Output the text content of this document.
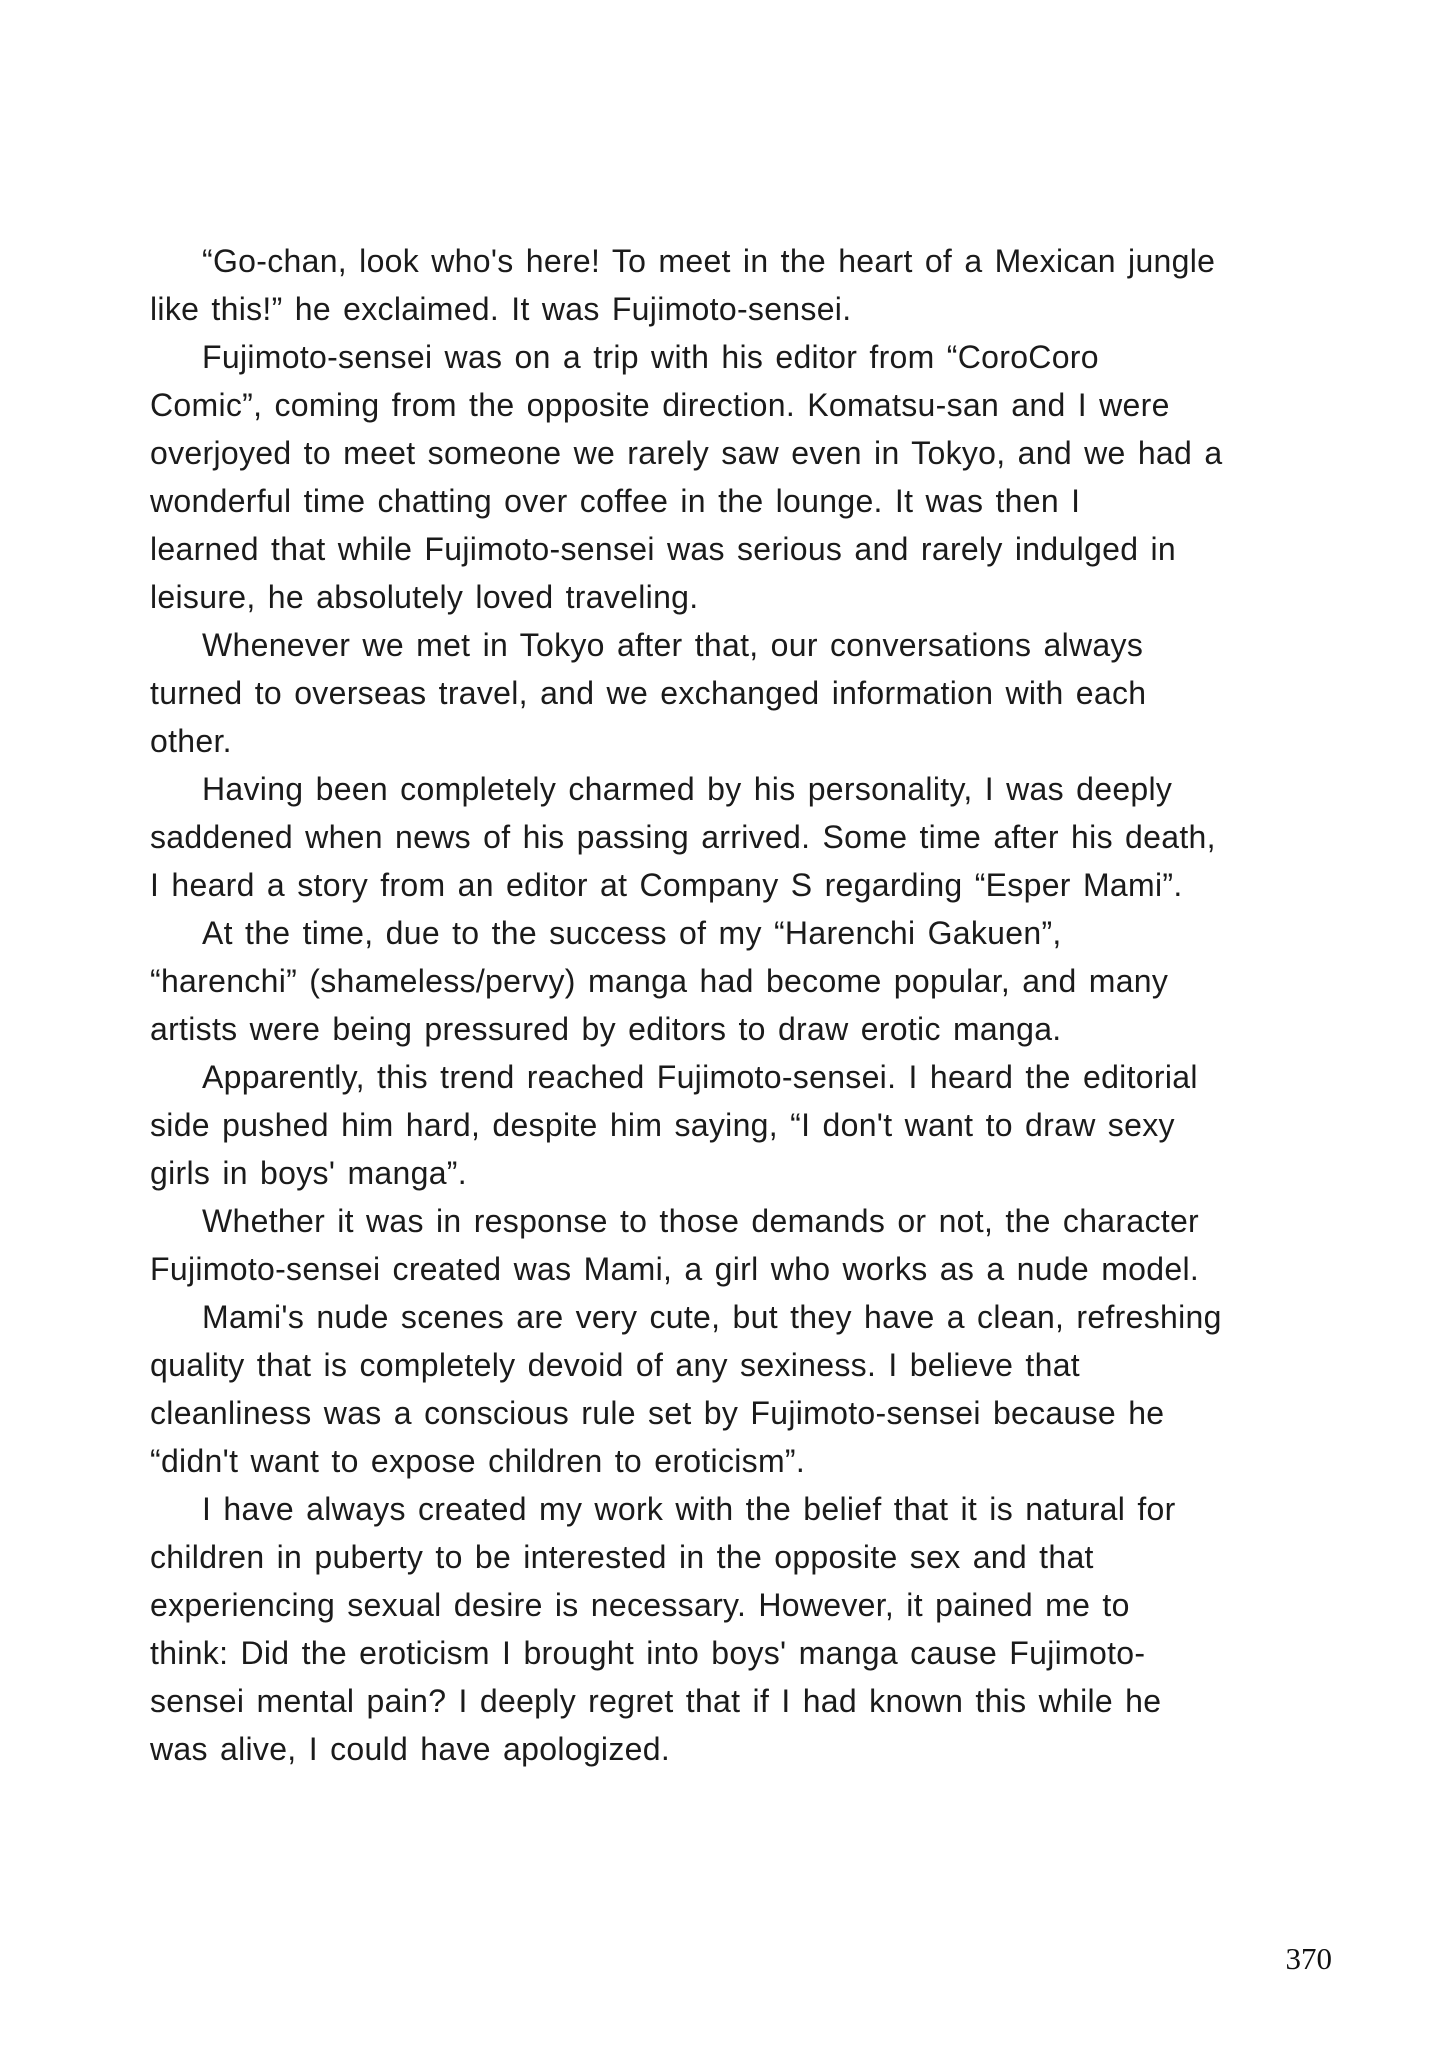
“Go-chan, look who's here! To meet in the heart of a Mexican jungle
like this!” he exclaimed. It was Fujimoto-sensei.
Fujimoto-sensei was on a trip with his editor from “CoroCoro
Comic”, coming from the opposite direction. Komatsu-san and I were
overjoyed to meet someone we rarely saw even in Tokyo, and we had a
wonderful time chatting over coffee in the lounge. It was then I
learned that while Fujimoto-sensei was serious and rarely indulged in
leisure, he absolutely loved traveling.
Whenever we met in Tokyo after that, our conversations always
turned to overseas travel, and we exchanged information with each
other.
Having been completely charmed by his personality, I was deeply
saddened when news of his passing arrived. Some time after his death,
I heard a story from an editor at Company S regarding “Esper Mami”.
At the time, due to the success of my “Harenchi Gakuen”,
“harenchi” (shameless/pervy) manga had become popular, and many
artists were being pressured by editors to draw erotic manga.
Apparently, this trend reached Fujimoto-sensei. I heard the editorial
side pushed him hard, despite him saying, “I don't want to draw sexy
girls in boys' manga”.
Whether it was in response to those demands or not, the character
Fujimoto-sensei created was Mami, a girl who works as a nude model.
Mami's nude scenes are very cute, but they have a clean, refreshing
quality that is completely devoid of any sexiness. I believe that
cleanliness was a conscious rule set by Fujimoto-sensei because he
“didn't want to expose children to eroticism”.
I have always created my work with the belief that it is natural for
children in puberty to be interested in the opposite sex and that
experiencing sexual desire is necessary. However, it pained me to
think: Did the eroticism I brought into boys' manga cause Fujimoto-
sensei mental pain? I deeply regret that if I had known this while he
was alive, I could have apologized.
370
